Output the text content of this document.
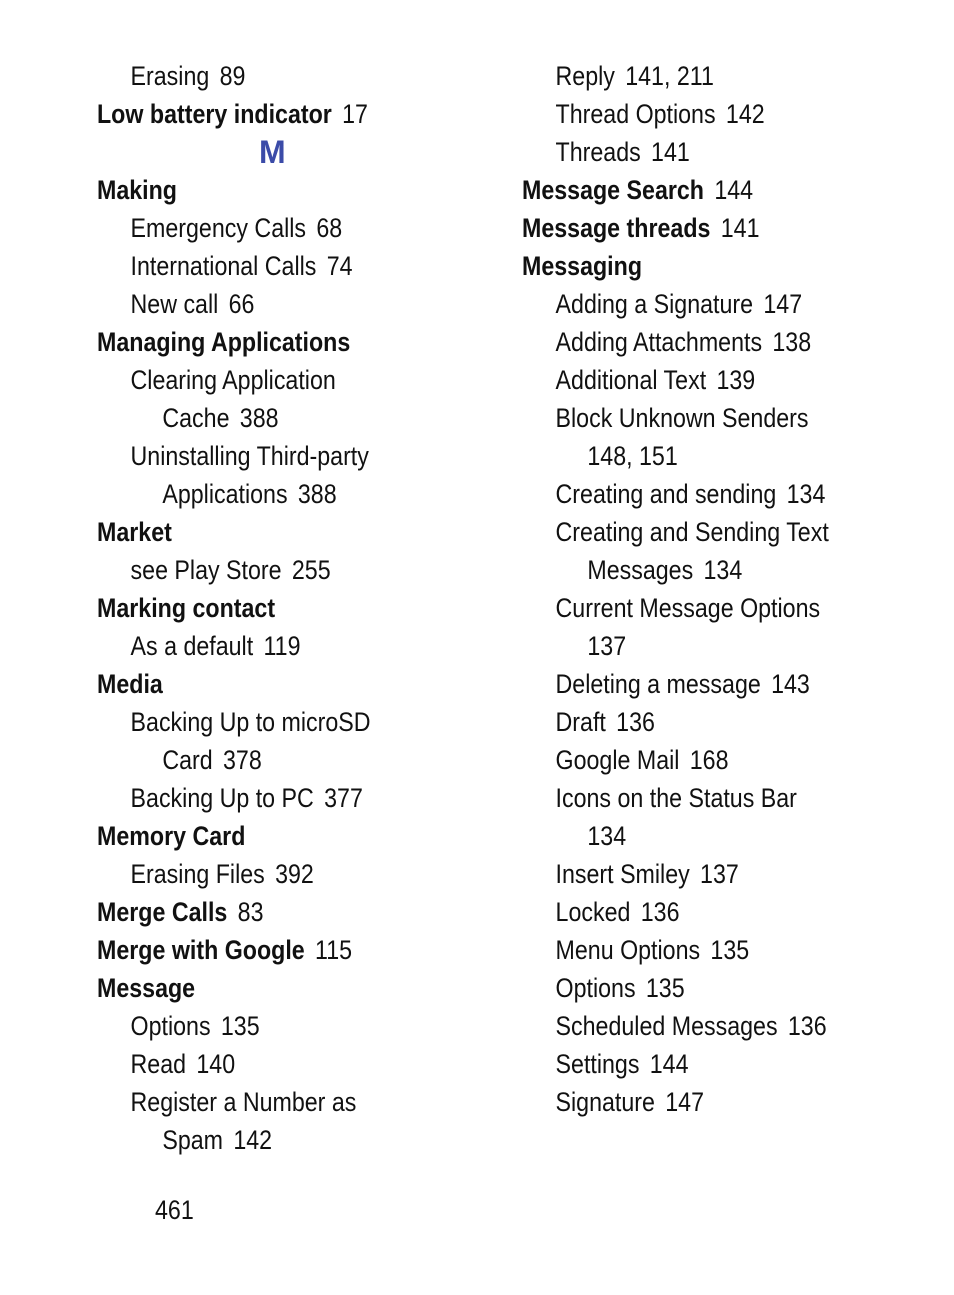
Erasing 89
Low battery indicator 17
M
Making
Emergency Calls 68
International Calls 74
New call 66
Managing Applications
Clearing Application
Cache 388
Uninstalling Third-party
Applications 388
Market
see Play Store 255
Marking contact
As a default 119
Media
Backing Up to microSD
Card 378
Backing Up to PC 377
Memory Card
Erasing Files 392
Merge Calls 83
Merge with Google 115
Message
Options 135
Read 140
Register a Number as
Spam 142
Reply 141, 211
Thread Options 142
Threads 141
Message Search 144
Message threads 141
Messaging
Adding a Signature 147
Adding Attachments 138
Additional Text 139
Block Unknown Senders
148, 151
Creating and sending 134
Creating and Sending Text
Messages 134
Current Message Options
137
Deleting a message 143
Draft 136
Google Mail 168
Icons on the Status Bar
134
Insert Smiley 137
Locked 136
Menu Options 135
Options 135
Scheduled Messages 136
Settings 144
Signature 147
461
